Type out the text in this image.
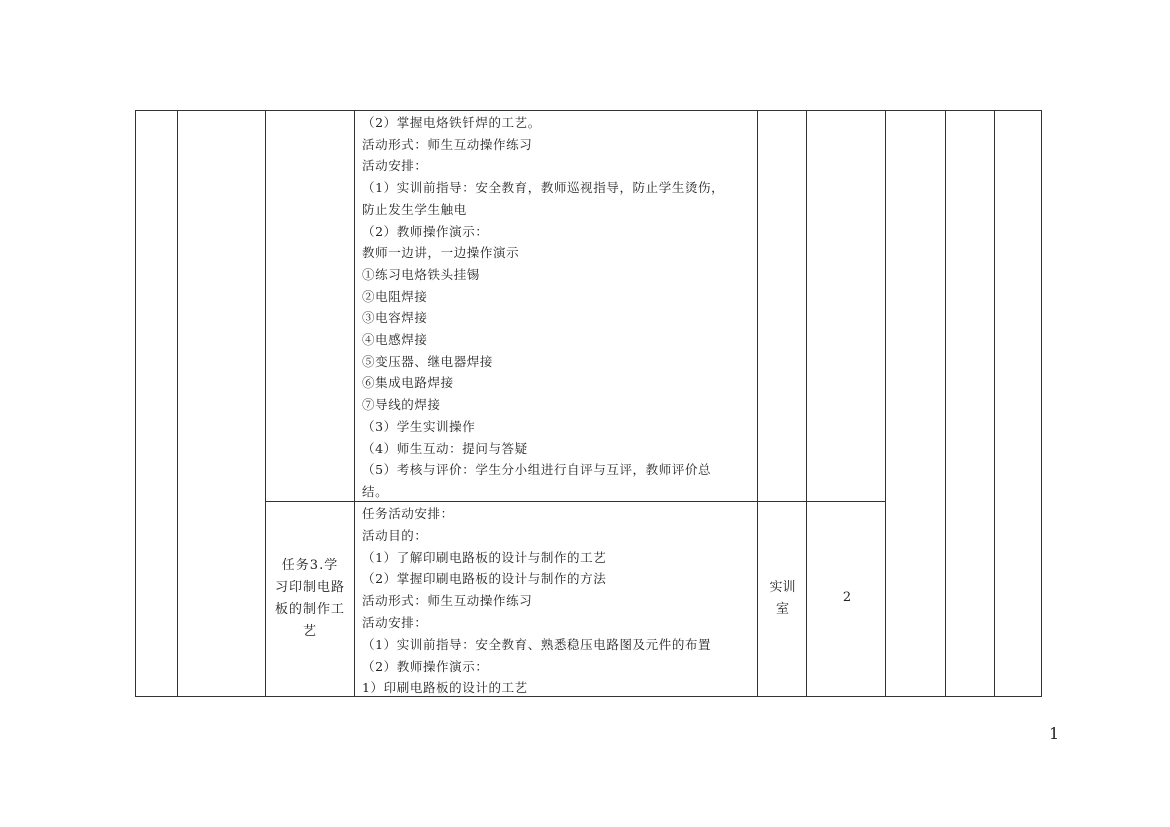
（2）掌握电烙铁钎焊的工艺。
活动形式：师生互动操作练习
活动安排：
（1）实训前指导：安全教育，教师巡视指导，防止学生烫伤，
防止发生学生触电
（2）教师操作演示：
教师一边讲，一边操作演示
①练习电烙铁头挂锡
②电阻焊接
③电容焊接
④电感焊接
⑤变压器、继电器焊接
⑥集成电路焊接
⑦导线的焊接
（3）学生实训操作
（4）师生互动：提问与答疑
（5）考核与评价：学生分小组进行自评与互评，教师评价总
结。
任务3.学
习印制电路
板的制作工
艺
任务活动安排：
活动目的：
（1）了解印刷电路板的设计与制作的工艺
（2）掌握印刷电路板的设计与制作的方法
活动形式：师生互动操作练习
活动安排：
（1）实训前指导：安全教育、熟悉稳压电路图及元件的布置
（2）教师操作演示：
1）印刷电路板的设计的工艺
实训
室
2
1
